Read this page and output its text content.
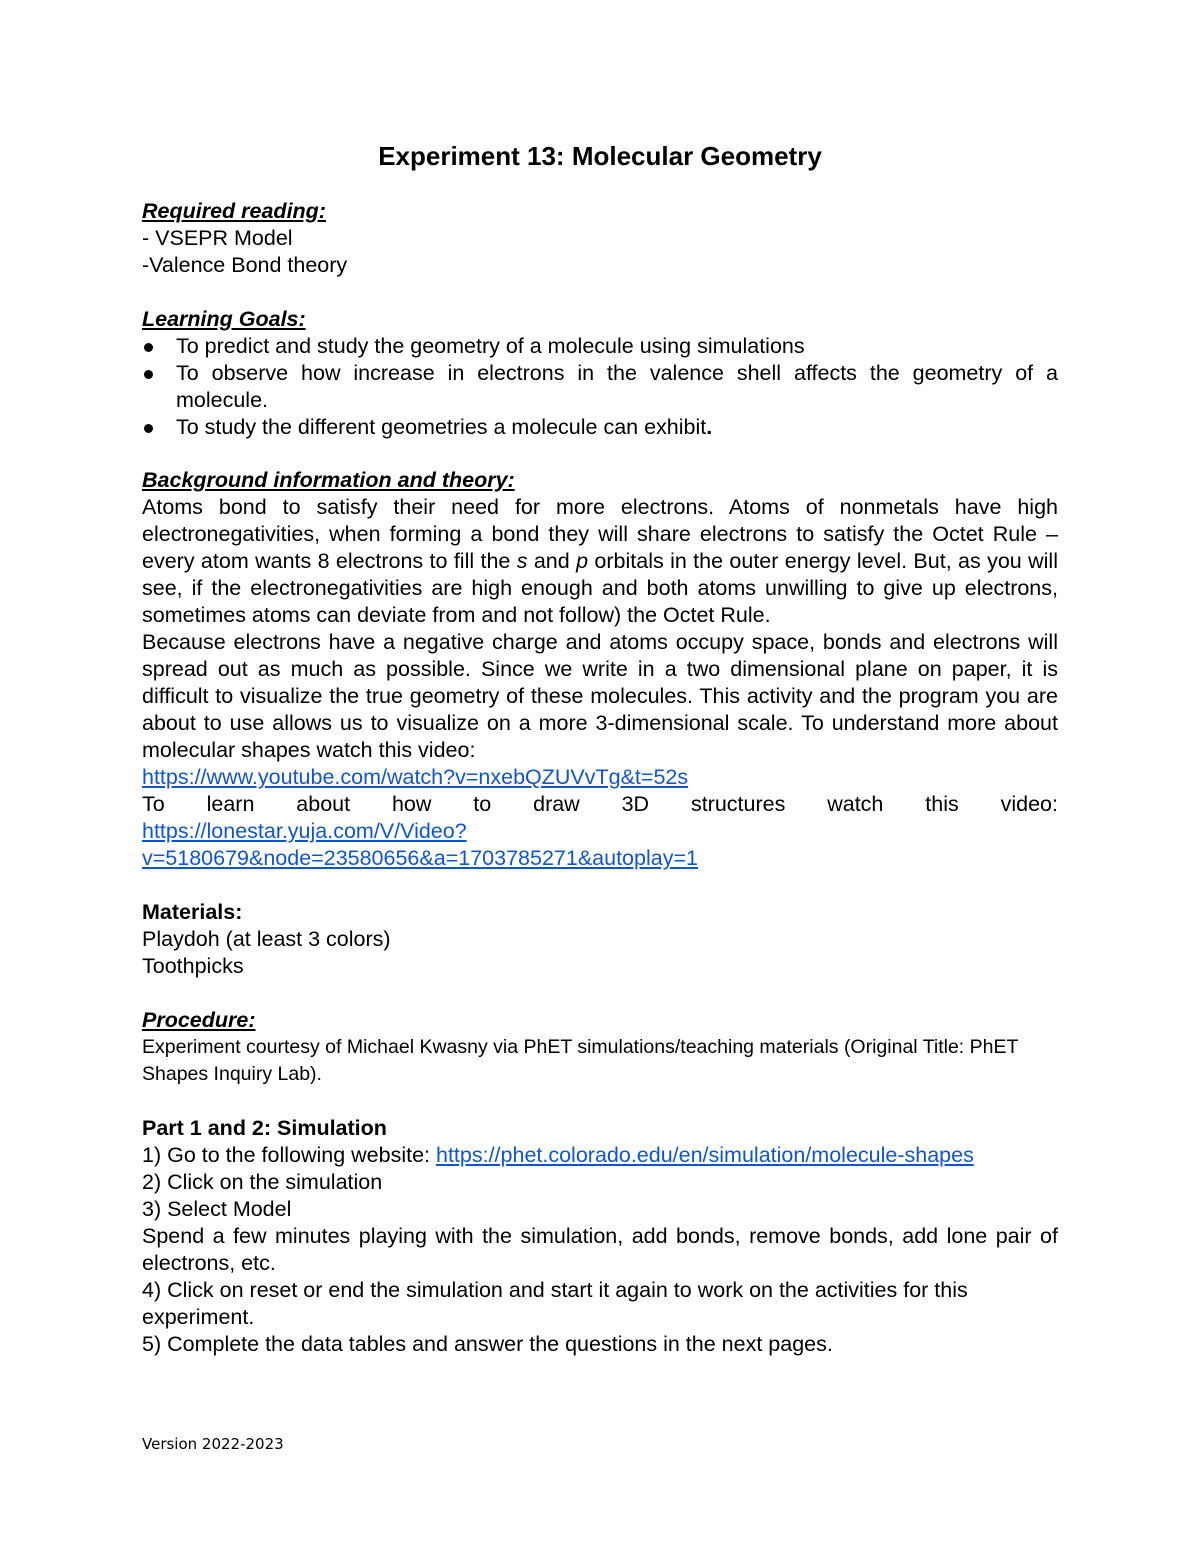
Experiment 13: Molecular Geometry

Required reading:

- VSEPR Model

-Valence Bond theory

Learning Goals:

To predict and study the geometry of a molecule using simulations
To observe how increase in electrons in the valence shell affects the geometry of a molecule.
To study the different geometries a molecule can exhibit.

Background information and theory:

Atoms bond to satisfy their need for more electrons. Atoms of nonmetals have high electronegativities, when forming a bond they will share electrons to satisfy the Octet Rule – every atom wants 8 electrons to fill the s and p orbitals in the outer energy level. But, as you will see, if the electronegativities are high enough and both atoms unwilling to give up electrons, sometimes atoms can deviate from and not follow) the Octet Rule.

Because electrons have a negative charge and atoms occupy space, bonds and electrons will spread out as much as possible. Since we write in a two dimensional plane on paper, it is difficult to visualize the true geometry of these molecules. This activity and the program you are about to use allows us to visualize on a more 3-dimensional scale. To understand more about molecular shapes watch this video:

https://www.youtube.com/watch?v=nxebQZUVvTg&t=52s

To learn about how to draw 3D structures watch this video:

https://lonestar.yuja.com/V/Video?

v=5180679&node=23580656&a=1703785271&autoplay=1

Materials:

Playdoh (at least 3 colors)

Toothpicks

Procedure:

Experiment courtesy of Michael Kwasny via PhET simulations/teaching materials (Original Title: PhET Shapes Inquiry Lab).

Part 1 and 2: Simulation

1) Go to the following website: https://phet.colorado.edu/en/simulation/molecule-shapes

2) Click on the simulation

3) Select Model

Spend a few minutes playing with the simulation, add bonds, remove bonds, add lone pair of electrons, etc.

4) Click on reset or end the simulation and start it again to work on the activities for this experiment.

5) Complete the data tables and answer the questions in the next pages.

Version 2022-2023
